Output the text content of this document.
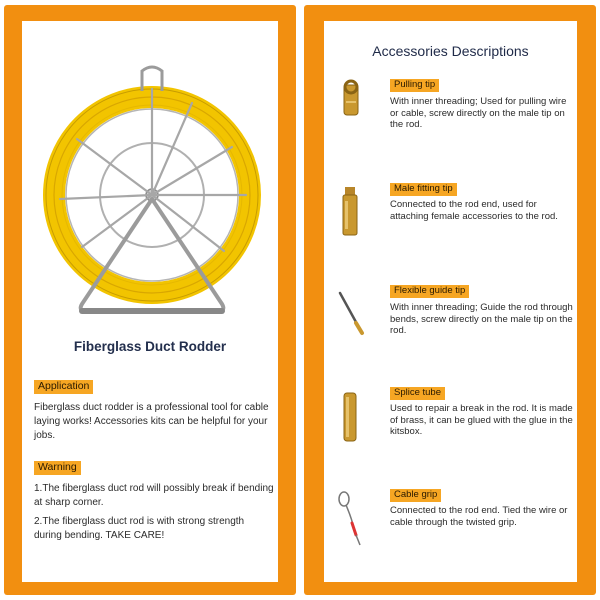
Fiberglass Duct Rodder
Application
Fiberglass duct rodder is a professional tool for cable laying works! Accessories kits can be helpful for your jobs.
Warning
1.The fiberglass duct rod will possibly break if bending at sharp corner.
2.The fiberglass duct rod is with strong strength during bending. TAKE CARE!
Accessories Descriptions
Pulling tip
With inner threading; Used for pulling wire or cable, screw directly on the male tip on the rod.
Male fitting tip
Connected to the rod end, used for attaching female accessories to the rod.
Flexible guide tip
With inner threading; Guide the rod through bends, screw directly on the male tip on the rod.
Splice tube
Used to repair a break in the rod. It is made of brass, it can be glued with the glue in the kitsbox.
Cable grip
Connected to the rod end. Tied the wire or cable through the twisted grip.
